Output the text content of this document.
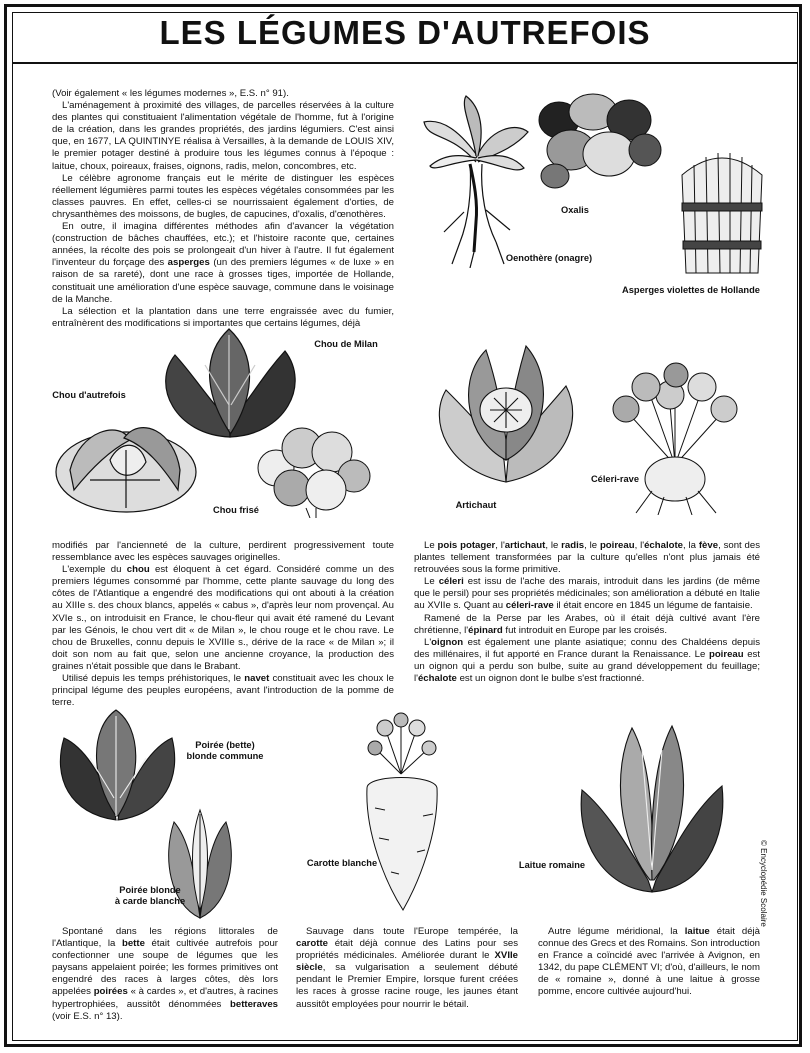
LES LÉGUMES D'AUTREFOIS

(Voir également « les légumes modernes », E.S. n° 91).

L'aménagement à proximité des villages, de parcelles réservées à la culture des plantes qui constituaient l'alimentation végétale de l'homme, fut à l'origine de la création, dans les grandes propriétés, des jardins légumiers. C'est ainsi que, en 1677, LA QUINTINYE réalisa à Versailles, à la demande de LOUIS XIV, le premier potager destiné à produire tous les légumes connus à l'époque : laitue, choux, poireaux, fraises, oignons, radis, melon, concombres, etc.

Le célèbre agronome français eut le mérite de distinguer les espèces réellement légumières parmi toutes les espèces végétales consommées par les classes pauvres. En effet, celles-ci se nourrissaient également d'orties, de chrysanthèmes des moissons, de bugles, de capucines, d'oxalis, d'œnothères.

En outre, il imagina différentes méthodes afin d'avancer la végétation (construction de bâches chauffées, etc.); et l'histoire raconte que, certaines années, la récolte des pois se prolongeait d'un hiver à l'autre. Il fut également l'inventeur du forçage des asperges (un des premiers légumes « de luxe » en raison de sa rareté), dont une race à grosses tiges, importée de Hollande, constituait une amélioration d'une espèce sauvage, commune dans le voisinage de la Manche.

La sélection et la plantation dans une terre engraissée avec du fumier, entraînèrent des modifications si importantes que certains légumes, déjà

Oxalis
Oenothère (onagre)
Asperges violettes de Hollande
Chou de Milan
Chou d'autrefois
Chou frisé	Artichaut
Céleri-rave

modifiés par l'ancienneté de la culture, perdirent progressivement toute ressemblance avec les espèces sauvages originelles.

L'exemple du chou est éloquent à cet égard. Considéré comme un des premiers légumes consommé par l'homme, cette plante sauvage du long des côtes de l'Atlantique a engendré des modifications qui ont abouti à la création au XIIIe s. des choux blancs, appelés « cabus », d'après leur nom provençal. Au XVIe s., on introduisit en France, le chou-fleur qui avait été ramené du Levant par les Génois, le chou vert dit « de Milan », le chou rouge et le chou rave. Le chou de Bruxelles, connu depuis le XVIIIe s., dérive de la race « de Milan »; il doit son nom au fait que, selon une ancienne croyance, la production des graines n'était possible que dans le Brabant.

Utilisé depuis les temps préhistoriques, le navet constituait avec les choux le principal légume des peuples européens, avant l'introduction de la pomme de terre.

Le pois potager, l'artichaut, le radis, le poireau, l'échalote, la fève, sont des plantes tellement transformées par la culture qu'elles n'ont plus jamais été retrouvées sous la forme primitive.

Le céleri est issu de l'ache des marais, introduit dans les jardins (de même que le persil) pour ses propriétés médicinales; son amélioration a débuté en Italie au XVIIe s. Quant au céleri-rave il était encore en 1845 un légume de fantaisie.

Ramené de la Perse par les Arabes, où il était déjà cultivé avant l'ère chrétienne, l'épinard fut introduit en Europe par les croisés.

L'oignon est également une plante asiatique; connu des Chaldéens depuis des millénaires, il fut apporté en France durant la Renaissance. Le poireau est un oignon qui a perdu son bulbe, suite au grand développement du feuillage; l'échalote est un oignon dont le bulbe s'est fractionné.

Poirée (bette)
blonde commune
Poirée blonde
à carde blanche
Carotte blanche	Laitue romaine

Spontané dans les régions littorales de l'Atlantique, la bette était cultivée autrefois pour confectionner une soupe de légumes que les paysans appelaient poirée; les formes primitives ont engendré des races à larges côtes, dès lors appelées poirées « à cardes », et d'autres, à racines hypertrophiées, aussitôt dénommées betteraves (voir E.S. n° 13).

Sauvage dans toute l'Europe tempérée, la carotte était déjà connue des Latins pour ses propriétés médicinales. Améliorée durant le XVIIe siècle, sa vulgarisation a seulement débuté pendant le Premier Empire, lorsque furent créées les races à grosse racine rouge, les jaunes étant aussitôt employées pour nourrir le bétail.

Autre légume méridional, la laitue était déjà connue des Grecs et des Romains. Son introduction en France a coïncidé avec l'arrivée à Avignon, en 1342, du pape CLÉMENT VI; d'où, d'ailleurs, le nom de « romaine », donné à une laitue à grosse pomme, encore cultivée aujourd'hui.

© Encyclopédie Scolaire
